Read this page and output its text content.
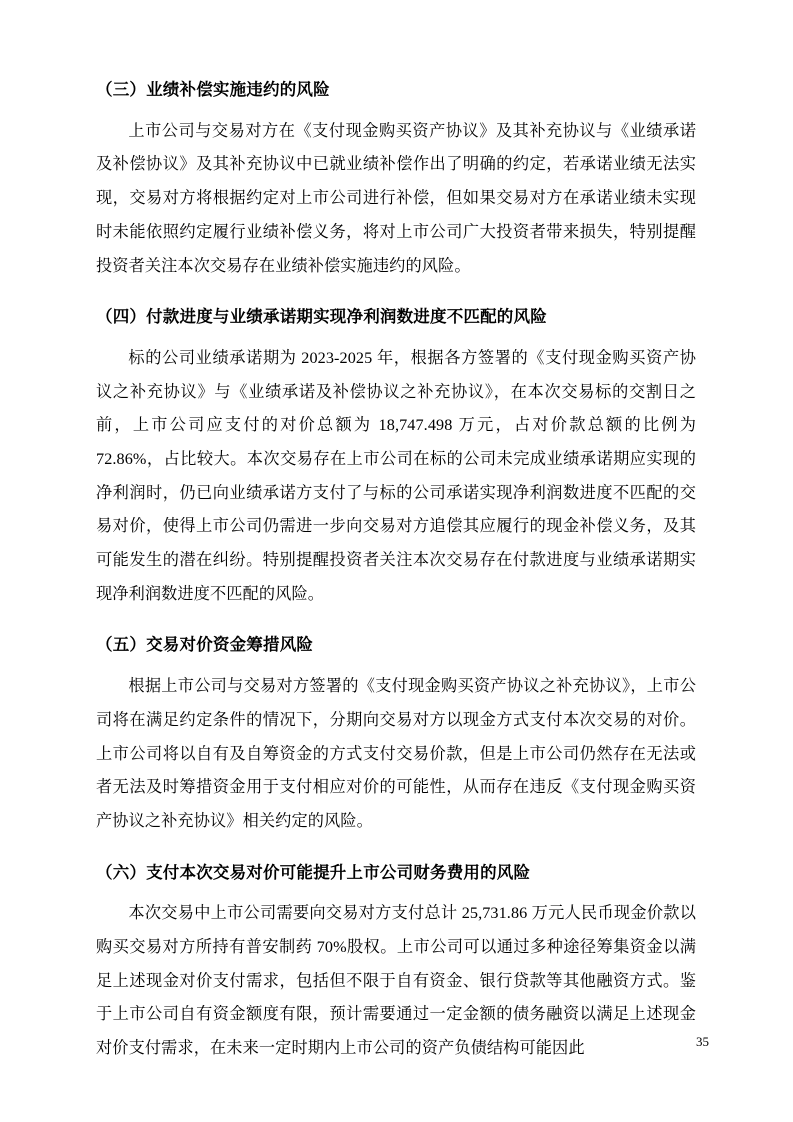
（三）业绩补偿实施违约的风险

上市公司与交易对方在《支付现金购买资产协议》及其补充协议与《业绩承诺及补偿协议》及其补充协议中已就业绩补偿作出了明确的约定，若承诺业绩无法实现，交易对方将根据约定对上市公司进行补偿，但如果交易对方在承诺业绩未实现时未能依照约定履行业绩补偿义务，将对上市公司广大投资者带来损失，特别提醒投资者关注本次交易存在业绩补偿实施违约的风险。

（四）付款进度与业绩承诺期实现净利润数进度不匹配的风险

标的公司业绩承诺期为 2023-2025 年，根据各方签署的《支付现金购买资产协议之补充协议》与《业绩承诺及补偿协议之补充协议》，在本次交易标的交割日之前，上市公司应支付的对价总额为 18,747.498 万元，占对价款总额的比例为 72.86%，占比较大。本次交易存在上市公司在标的公司未完成业绩承诺期应实现的净利润时，仍已向业绩承诺方支付了与标的公司承诺实现净利润数进度不匹配的交易对价，使得上市公司仍需进一步向交易对方追偿其应履行的现金补偿义务，及其可能发生的潜在纠纷。特别提醒投资者关注本次交易存在付款进度与业绩承诺期实现净利润数进度不匹配的风险。

（五）交易对价资金筹措风险

根据上市公司与交易对方签署的《支付现金购买资产协议之补充协议》，上市公司将在满足约定条件的情况下，分期向交易对方以现金方式支付本次交易的对价。上市公司将以自有及自筹资金的方式支付交易价款，但是上市公司仍然存在无法或者无法及时筹措资金用于支付相应对价的可能性，从而存在违反《支付现金购买资产协议之补充协议》相关约定的风险。

（六）支付本次交易对价可能提升上市公司财务费用的风险

本次交易中上市公司需要向交易对方支付总计 25,731.86 万元人民币现金价款以购买交易对方所持有普安制药 70%股权。上市公司可以通过多种途径筹集资金以满足上述现金对价支付需求，包括但不限于自有资金、银行贷款等其他融资方式。鉴于上市公司自有资金额度有限，预计需要通过一定金额的债务融资以满足上述现金对价支付需求，在未来一定时期内上市公司的资产负债结构可能因此	35
